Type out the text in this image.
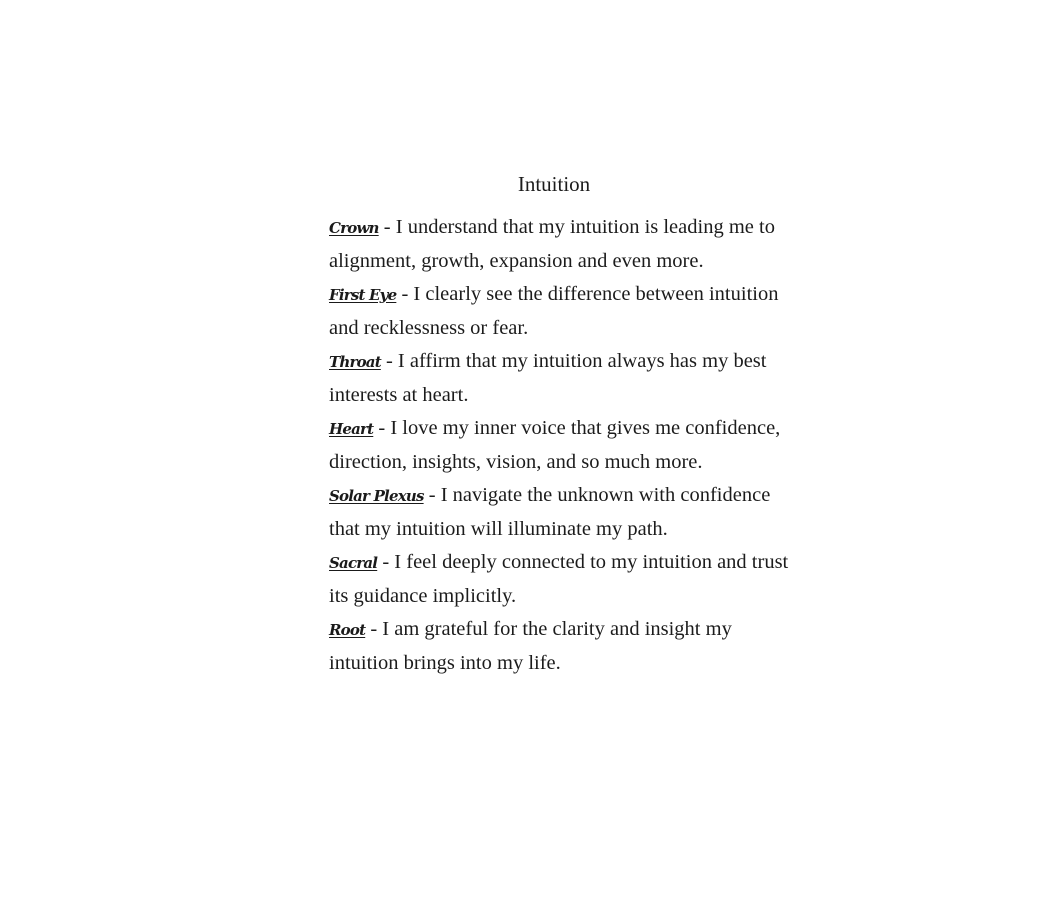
Intuition

Crown - I understand that my intuition is leading me to alignment, growth, expansion and even more.

First Eye - I clearly see the difference between intuition and recklessness or fear.

Throat - I affirm that my intuition always has my best interests at heart.

Heart - I love my inner voice that gives me confidence, direction, insights, vision, and so much more.

Solar Plexus - I navigate the unknown with confidence that my intuition will illuminate my path.

Sacral - I feel deeply connected to my intuition and trust its guidance implicitly.

Root - I am grateful for the clarity and insight my intuition brings into my life.
